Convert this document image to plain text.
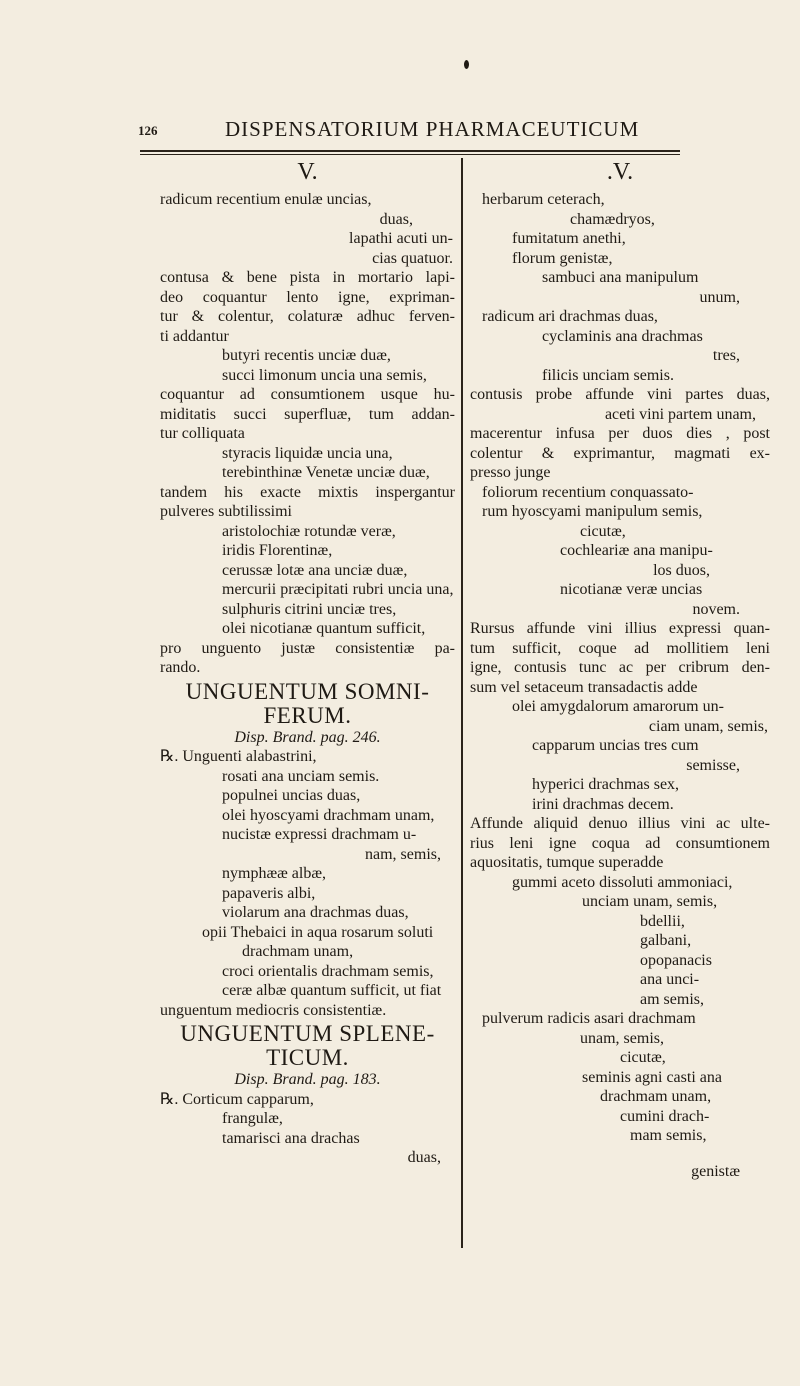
126	DISPENSATORIUM PHARMACEUTICUM
V.
radicum recentium enulæ uncias,
duas,
lapathi acuti un-
cias quatuor.
contusa & bene pista in mortario lapi-
deo coquantur lento igne, expriman-
tur & colentur, colaturæ adhuc ferven-
ti addantur
butyri recentis unciæ duæ,
succi limonum uncia una semis,
coquantur ad consumtionem usque hu-
miditatis succi superfluæ, tum addan-
tur colliquata
styracis liquidæ uncia una,
terebinthinæ Venetæ unciæ duæ,
tandem his exacte mixtis inspergantur
pulveres subtilissimi
aristolochiæ rotundæ veræ,
iridis Florentinæ,
cerussæ lotæ ana unciæ duæ,
mercurii præcipitati rubri uncia una,
sulphuris citrini unciæ tres,
olei nicotianæ quantum sufficit,
pro unguento justæ consistentiæ pa-
rando.
UNGUENTUM SOMNI-
FERUM.
Disp. Brand. pag. 246.
℞. Unguenti alabastrini,
rosati ana unciam semis.
populnei uncias duas,
olei hyoscyami drachmam unam,
nucistæ expressi drachmam u-
nam, semis,
nymphææ albæ,
papaveris albi,
violarum ana drachmas duas,
opii Thebaici in aqua rosarum soluti
drachmam unam,
croci orientalis drachmam semis,
ceræ albæ quantum sufficit, ut fiat
unguentum mediocris consistentiæ.
UNGUENTUM SPLENE-
TICUM.
Disp. Brand. pag. 183.
℞. Corticum capparum,
frangulæ,
tamarisci ana drachas
duas,
.V.
herbarum ceterach,
chamædryos,
fumitatum anethi,
florum genistæ,
sambuci ana manipulum
unum,
radicum ari drachmas duas,
cyclaminis ana drachmas
tres,
filicis unciam semis.
contusis probe affunde vini partes duas,
aceti vini partem unam,
macerentur infusa per duos dies , post
colentur & exprimantur, magmati ex-
presso junge
foliorum recentium conquassato-
rum hyoscyami manipulum semis,
cicutæ,
cochleariæ ana manipu-
los duos,
nicotianæ veræ uncias
novem.
Rursus affunde vini illius expressi quan-
tum sufficit, coque ad mollitiem leni
igne, contusis tunc ac per cribrum den-
sum vel setaceum transadactis adde
olei amygdalorum amarorum un-
ciam unam, semis,
capparum uncias tres cum
semisse,
hyperici drachmas sex,
irini drachmas decem.
Affunde aliquid denuo illius vini ac ulte-
rius leni igne coqua ad consumtionem
aquositatis, tumque superadde
gummi aceto dissoluti ammoniaci,
unciam unam, semis,
bdellii,
galbani,
opopanacis
ana unci-
am semis,
pulverum radicis asari drachmam
unam, semis,
cicutæ,
seminis agni casti ana
drachmam unam,
cumini drach-
mam semis,
genistæ
